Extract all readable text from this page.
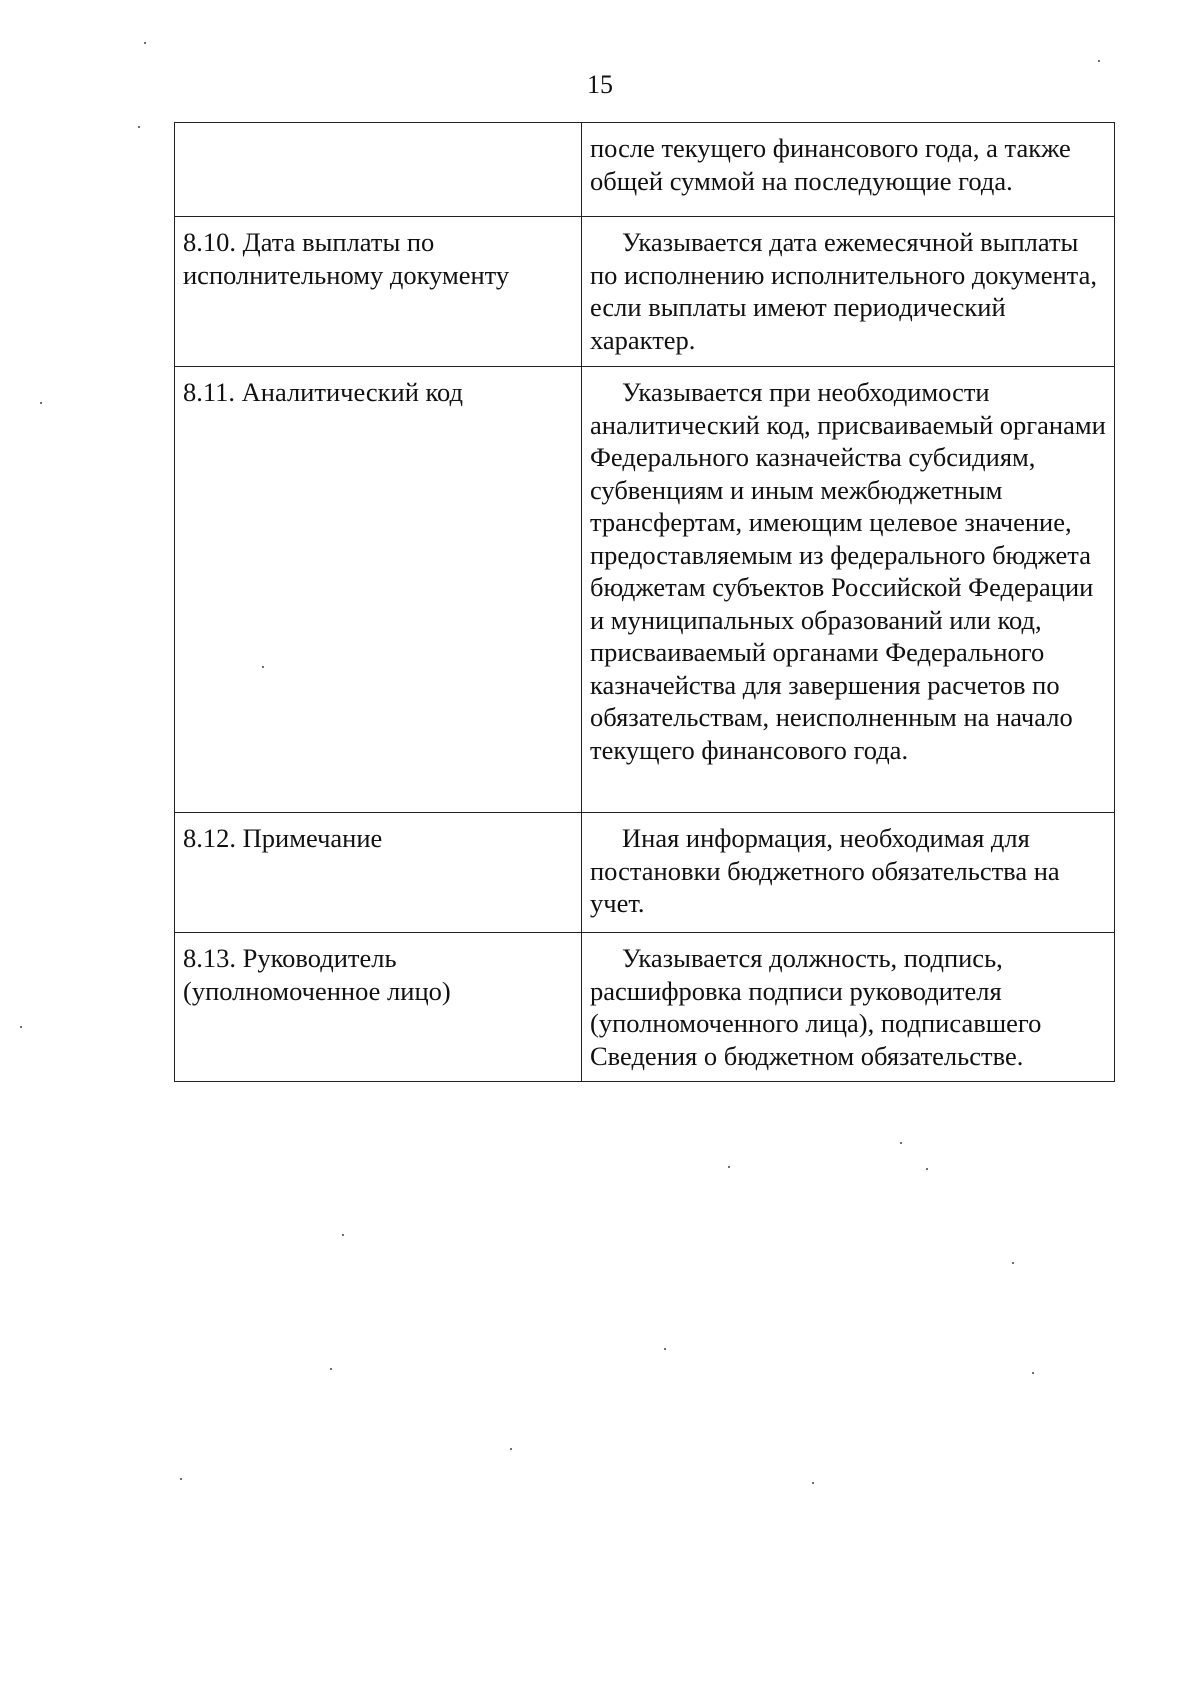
15
	после текущего финансового года, а также общей суммой на последующие года.
8.10. Дата выплаты по исполнительному документу	Указывается дата ежемесячной выплаты по исполнению исполнительного документа, если выплаты имеют периодический характер.
8.11. Аналитический код	Указывается при необходимости аналитический код, присваиваемый органами Федерального казначейства субсидиям, субвенциям и иным межбюджетным трансфертам, имеющим целевое значение, предоставляемым из федерального бюджета бюджетам субъектов Российской Федерации и муниципальных образований или код, присваиваемый органами Федерального казначейства для завершения расчетов по обязательствам, неисполненным на начало текущего финансового года.
8.12. Примечание	Иная информация, необходимая для постановки бюджетного обязательства на учет.
8.13. Руководитель (уполномоченное лицо)	Указывается должность, подпись, расшифровка подписи руководителя (уполномоченного лица), подписавшего Сведения о бюджетном обязательстве.
